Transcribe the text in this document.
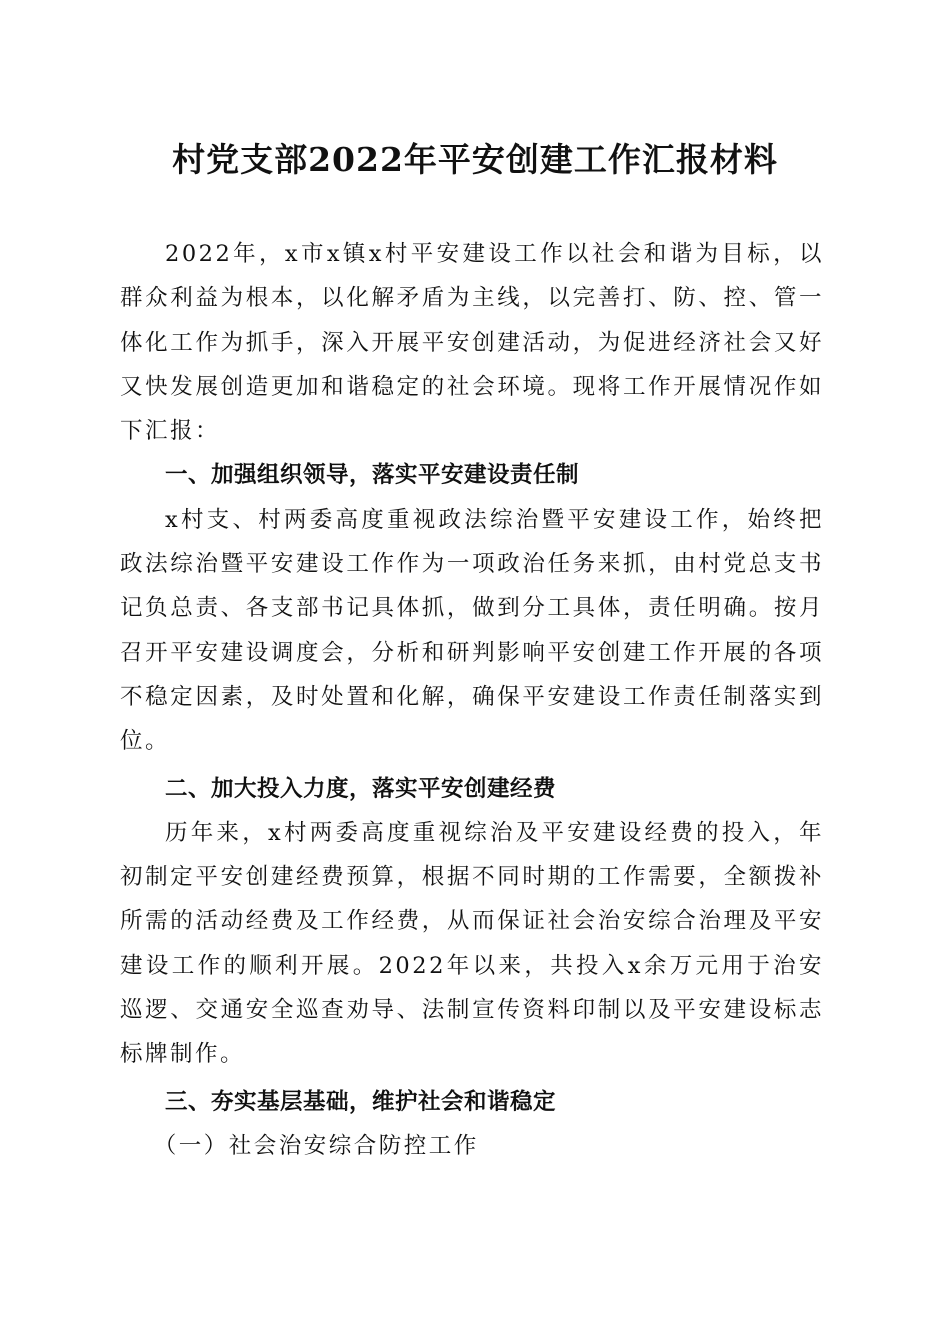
村党支部2022年平安创建工作汇报材料

2022年，x市x镇x村平安建设工作以社会和谐为目标，以群众利益为根本，以化解矛盾为主线，以完善打、防、控、管一体化工作为抓手，深入开展平安创建活动，为促进经济社会又好又快发展创造更加和谐稳定的社会环境。现将工作开展情况作如下汇报：

一、加强组织领导，落实平安建设责任制

x村支、村两委高度重视政法综治暨平安建设工作，始终把政法综治暨平安建设工作作为一项政治任务来抓，由村党总支书记负总责、各支部书记具体抓，做到分工具体，责任明确。按月召开平安建设调度会，分析和研判影响平安创建工作开展的各项不稳定因素，及时处置和化解，确保平安建设工作责任制落实到位。

二、加大投入力度，落实平安创建经费

历年来，x村两委高度重视综治及平安建设经费的投入，年初制定平安创建经费预算，根据不同时期的工作需要，全额拨补所需的活动经费及工作经费，从而保证社会治安综合治理及平安建设工作的顺利开展。2022年以来，共投入x余万元用于治安巡逻、交通安全巡查劝导、法制宣传资料印制以及平安建设标志标牌制作。

三、夯实基层基础，维护社会和谐稳定

（一）社会治安综合防控工作
